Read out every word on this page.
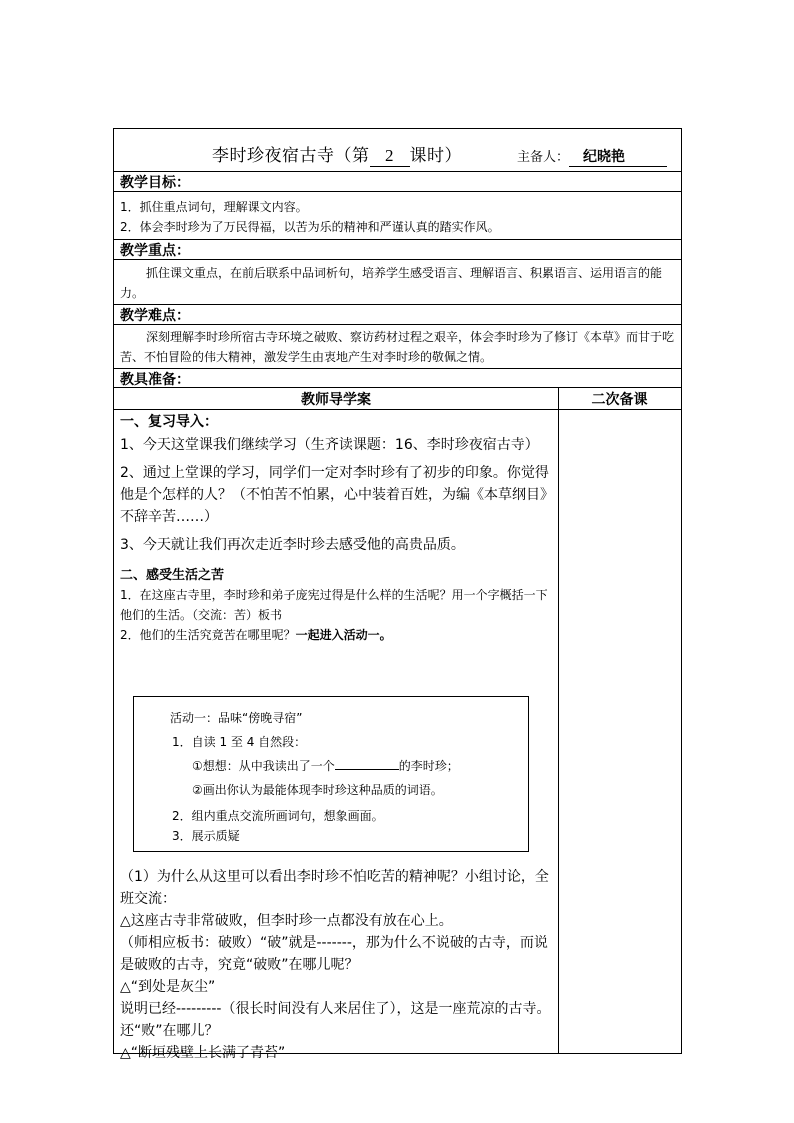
李时珍夜宿古寺（第 2 课时）	主备人： 纪晓艳
教学目标：

1．抓住重点词句，理解课文内容。

2．体会李时珍为了万民得福，以苦为乐的精神和严谨认真的踏实作风。

教学重点：

抓住课文重点，在前后联系中品词析句，培养学生感受语言、理解语言、积累语言、运用语言的能力。

教学难点：

深刻理解李时珍所宿古寺环境之破败、察访药材过程之艰辛，体会李时珍为了修订《本草》而甘于吃苦、不怕冒险的伟大精神，激发学生由衷地产生对李时珍的敬佩之情。

教具准备：
教师导学案	二次备课
一、复习导入：

1、今天这堂课我们继续学习（生齐读课题：16、李时珍夜宿古寺）

2、通过上堂课的学习，同学们一定对李时珍有了初步的印象。你觉得他是个怎样的人？（不怕苦不怕累，心中装着百姓，为编《本草纲目》不辞辛苦……）

3、今天就让我们再次走近李时珍去感受他的高贵品质。

二、感受生活之苦

1．在这座古寺里，李时珍和弟子庞宪过得是什么样的生活呢？用一个字概括一下他们的生活。（交流：苦）板书

2．他们的生活究竟苦在哪里呢？一起进入活动一。

活动一：品味“傍晚寻宿”
1．自读 1 至 4 自然段：
①想想：从中我读出了一个	的李时珍；
②画出你认为最能体现李时珍这种品质的词语。
2．组内重点交流所画词句，想象画面。
3．展示质疑

（1）为什么从这里可以看出李时珍不怕吃苦的精神呢？小组讨论，全班交流：

△这座古寺非常破败，但李时珍一点都没有放在心上。

（师相应板书：破败）“破”就是-------，那为什么不说破的古寺，而说是破败的古寺，究竟“破败”在哪儿呢？

△“到处是灰尘”

说明已经---------（很长时间没有人来居住了），这是一座荒凉的古寺。还“败”在哪儿？

△“断垣残壁上长满了青苔”
